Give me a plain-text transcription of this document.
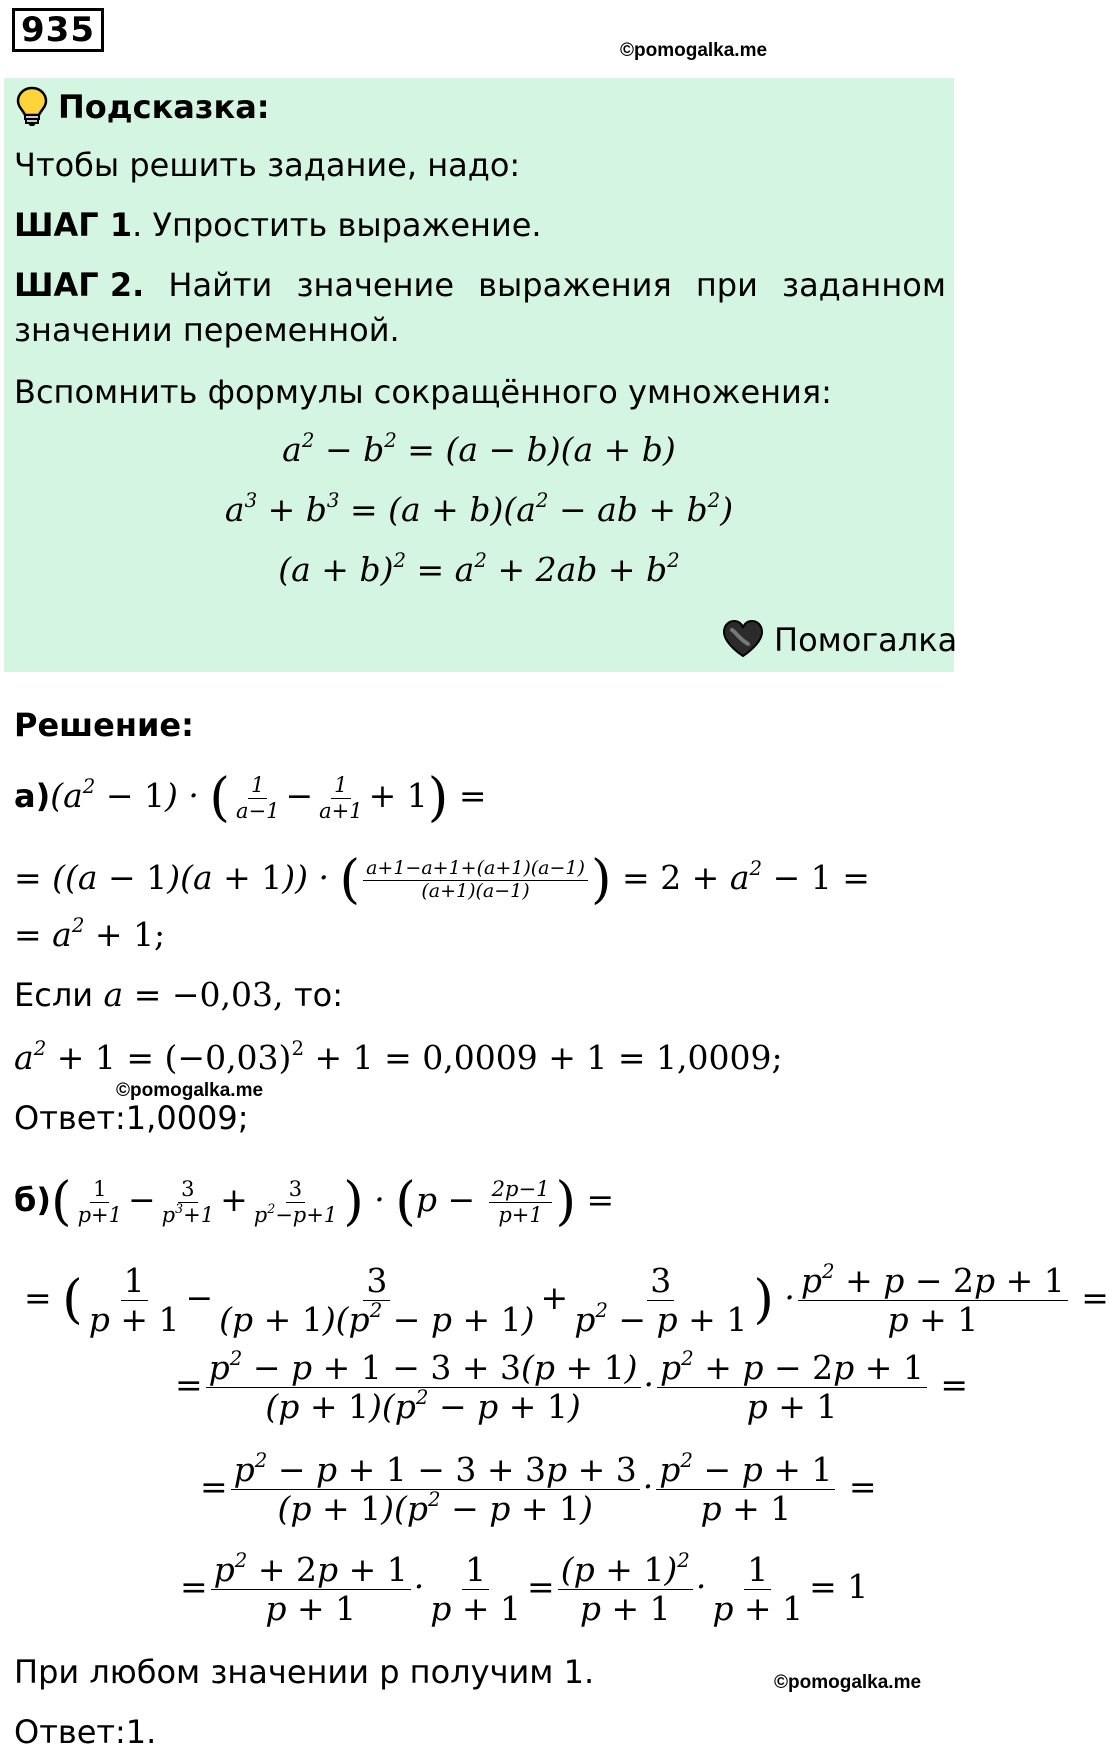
935
©pomogalka.me
Подсказка:
Чтобы решить задание, надо:
ШАГ 1. Упростить выражение.
ШАГ 2. Найти значение выражения при заданном
значении переменной.
Вспомнить формулы сокращённого умножения:
$a^2 - b^2 = (a - b)(a + b)$
$a^3 + b^3 = (a + b)(a^2$ − ab + $b^2$)
$(a + b)^2 = a^2 + 2ab + b^2$
Помогалка
Решение:
$а)(a^2 - 1)$ · ( $\frac{1}{a-1} - \frac{1}{a+1} + 1$) =
= ((a − 1)(a + 1)) · ( $\frac{a+1-a+1+(a+1)(a-1)}{(a+1)(a-1)}$ ) = $2 + a^2 - 1$ =
= $a^2 + 1$;
Если a = −0,03, то:
$a^2 + 1 = (-0,03)^2 + 1 = 0,0009 + 1 = 1,0009$;
©pomogalka.me
Ответ:1,0009;
$б)( \frac{1}{p+1} - \frac{3}{p^3+1} + \frac{3}{p^2-p+1}$ ) · ($p - \frac{2p-1}{p+1}$ ) =
= ( $\frac{1}{p + 1} - \frac{3}{(p + 1)(p^2 - p + 1)} + \frac{3}{p^2 - p + 1}$ ) · $\frac{p^2 + p - 2p + 1}{p + 1}$ =
= $\frac{p^2 - p + 1 - 3 + 3(p + 1)}{(p + 1)(p^2 - p + 1)} \cdot \frac{p^2 + p - 2p + 1}{p + 1}$ =
= $\frac{p^2 - p + 1 - 3 + 3p + 3}{(p + 1)(p^2 - p + 1)} \cdot \frac{p^2 - p + 1}{p + 1}$ =
= $\frac{p^2 + 2p + 1}{p + 1} \cdot \frac{1}{p + 1} = \frac{(p + 1)^2}{p + 1} \cdot \frac{1}{p + 1} = 1$
При любом значении p получим 1.	©pomogalka.me
Ответ:1.
